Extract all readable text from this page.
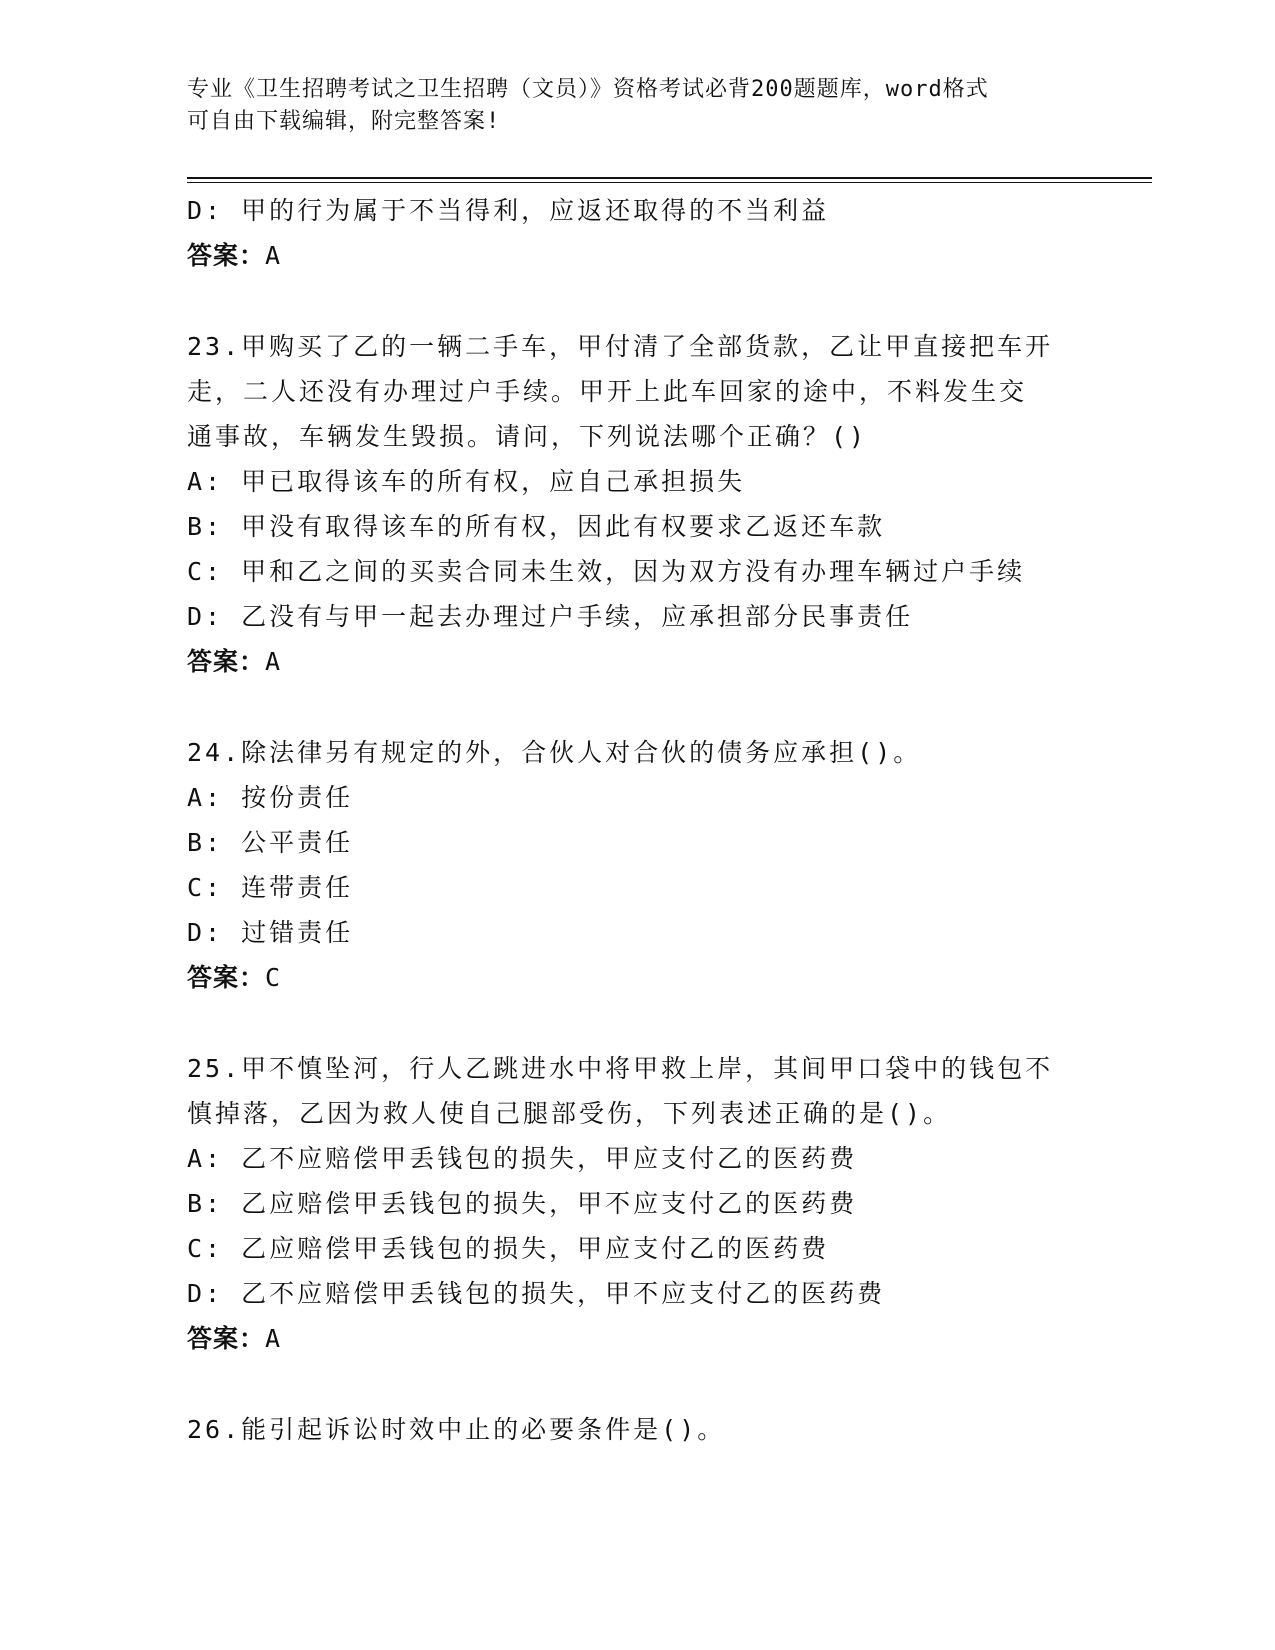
专业《卫生招聘考试之卫生招聘（文员）》资格考试必背200题题库，word格式
可自由下载编辑，附完整答案!
D: 甲的行为属于不当得利，应返还取得的不当利益
答案：A
23.甲购买了乙的一辆二手车，甲付清了全部货款，乙让甲直接把车开
走，二人还没有办理过户手续。甲开上此车回家的途中，不料发生交
通事故，车辆发生毁损。请问，下列说法哪个正确？()
A: 甲已取得该车的所有权，应自己承担损失
B: 甲没有取得该车的所有权，因此有权要求乙返还车款
C: 甲和乙之间的买卖合同未生效，因为双方没有办理车辆过户手续
D: 乙没有与甲一起去办理过户手续，应承担部分民事责任
答案：A
24.除法律另有规定的外，合伙人对合伙的债务应承担()。
A: 按份责任
B: 公平责任
C: 连带责任
D: 过错责任
答案：C
25.甲不慎坠河，行人乙跳进水中将甲救上岸，其间甲口袋中的钱包不
慎掉落，乙因为救人使自己腿部受伤，下列表述正确的是()。
A: 乙不应赔偿甲丢钱包的损失，甲应支付乙的医药费
B: 乙应赔偿甲丢钱包的损失，甲不应支付乙的医药费
C: 乙应赔偿甲丢钱包的损失，甲应支付乙的医药费
D: 乙不应赔偿甲丢钱包的损失，甲不应支付乙的医药费
答案：A
26.能引起诉讼时效中止的必要条件是()。
